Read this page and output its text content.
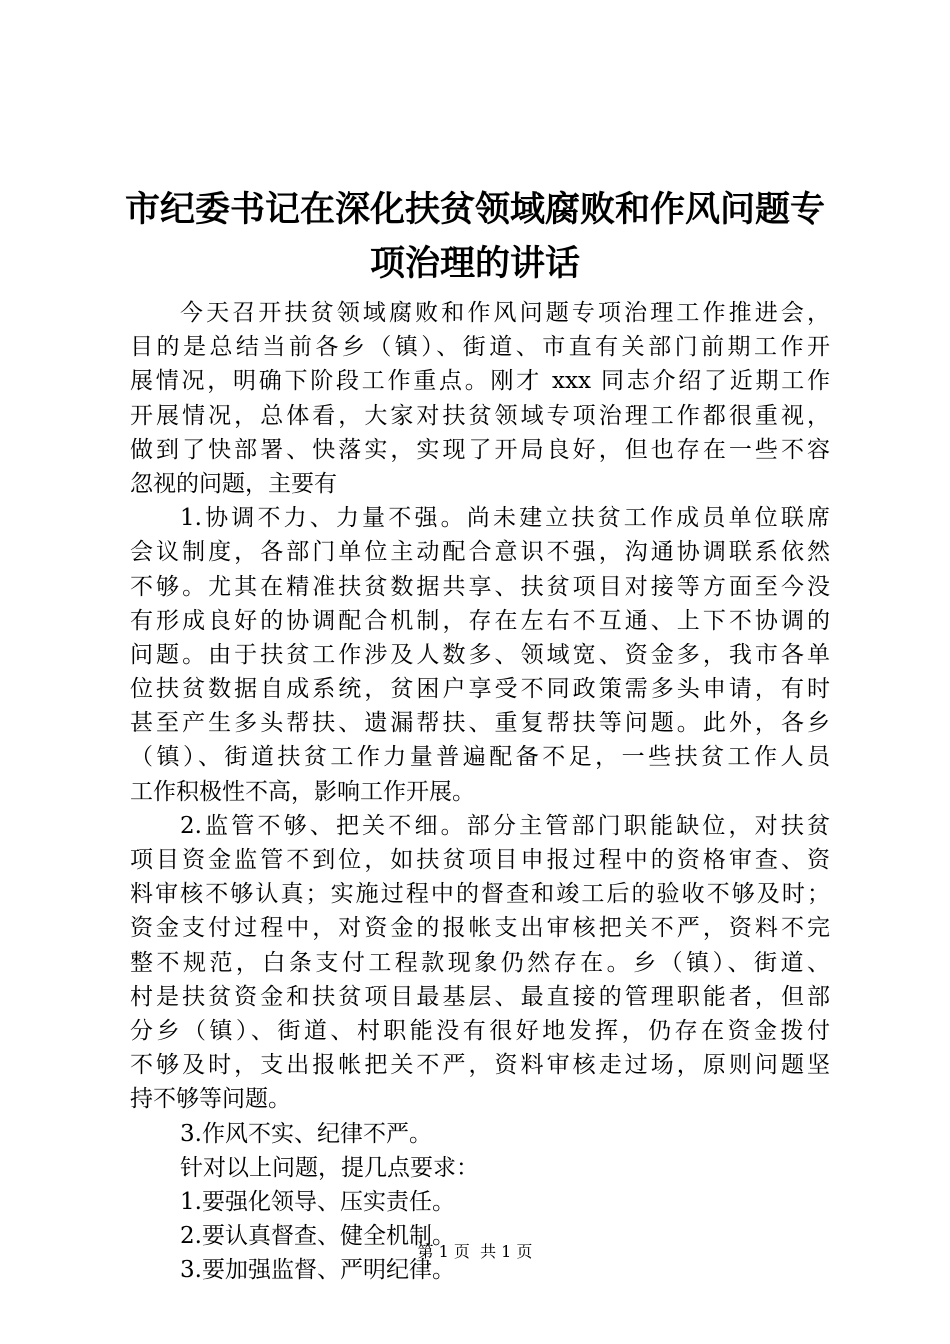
市纪委书记在深化扶贫领域腐败和作风问题专
项治理的讲话
今天召开扶贫领域腐败和作风问题专项治理工作推进会，
目的是总结当前各乡（镇）、街道、市直有关部门前期工作开
展情况，明确下阶段工作重点。刚才 xxx 同志介绍了近期工作
开展情况，总体看，大家对扶贫领域专项治理工作都很重视，
做到了快部署、快落实，实现了开局良好，但也存在一些不容
忽视的问题，主要有
1.协调不力、力量不强。尚未建立扶贫工作成员单位联席
会议制度，各部门单位主动配合意识不强，沟通协调联系依然
不够。尤其在精准扶贫数据共享、扶贫项目对接等方面至今没
有形成良好的协调配合机制，存在左右不互通、上下不协调的
问题。由于扶贫工作涉及人数多、领域宽、资金多，我市各单
位扶贫数据自成系统，贫困户享受不同政策需多头申请，有时
甚至产生多头帮扶、遗漏帮扶、重复帮扶等问题。此外，各乡
（镇）、街道扶贫工作力量普遍配备不足，一些扶贫工作人员
工作积极性不高，影响工作开展。
2.监管不够、把关不细。部分主管部门职能缺位，对扶贫
项目资金监管不到位，如扶贫项目申报过程中的资格审查、资
料审核不够认真；实施过程中的督查和竣工后的验收不够及时；
资金支付过程中，对资金的报帐支出审核把关不严，资料不完
整不规范，白条支付工程款现象仍然存在。乡（镇）、街道、
村是扶贫资金和扶贫项目最基层、最直接的管理职能者，但部
分乡（镇）、街道、村职能没有很好地发挥，仍存在资金拨付
不够及时，支出报帐把关不严，资料审核走过场，原则问题坚
持不够等问题。
3.作风不实、纪律不严。
针对以上问题，提几点要求：
1.要强化领导、压实责任。
2.要认真督查、健全机制。
3.要加强监督、严明纪律。
第 1 页 共 1 页
